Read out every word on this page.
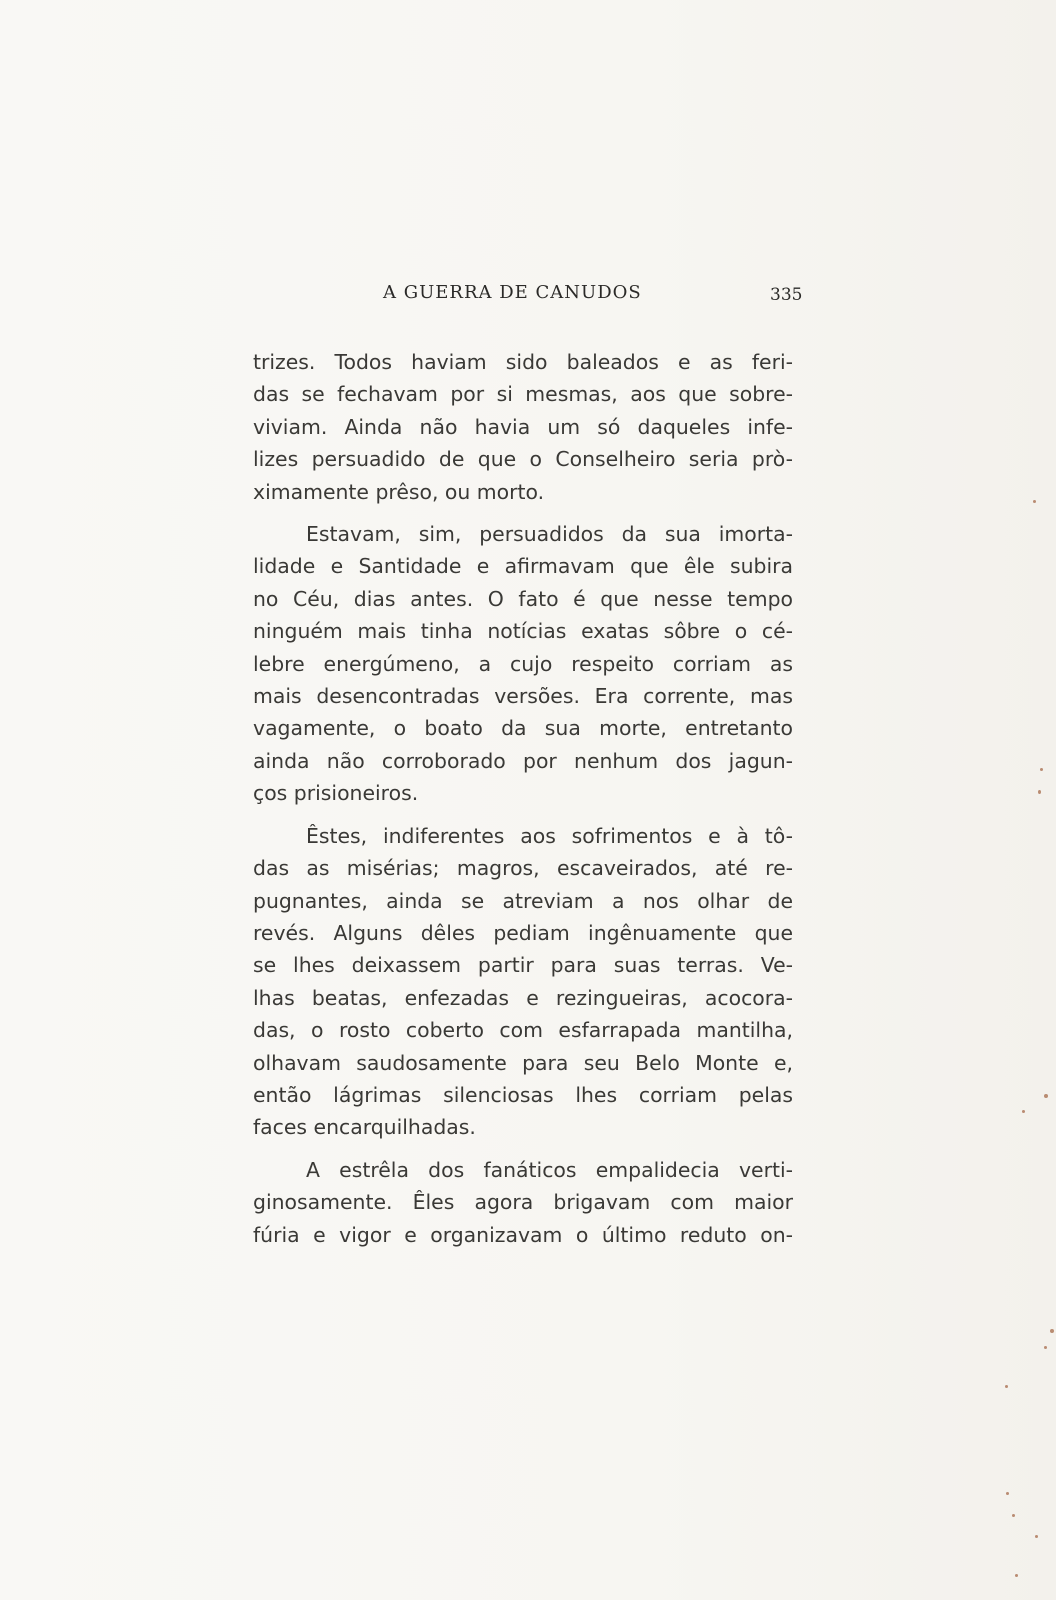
A GUERRA DE CANUDOS	335
trizes. Todos haviam sido baleados e as feri-
das se fechavam por si mesmas, aos que sobre-
viviam. Ainda não havia um só daqueles infe-
lizes persuadido de que o Conselheiro seria prò-
ximamente prêso, ou morto.
Estavam, sim, persuadidos da sua imorta-
lidade e Santidade e afirmavam que êle subira
no Céu, dias antes. O fato é que nesse tempo
ninguém mais tinha notícias exatas sôbre o cé-
lebre energúmeno, a cujo respeito corriam as
mais desencontradas versões. Era corrente, mas
vagamente, o boato da sua morte, entretanto
ainda não corroborado por nenhum dos jagun-
ços prisioneiros.
Êstes, indiferentes aos sofrimentos e à tô-
das as misérias; magros, escaveirados, até re-
pugnantes, ainda se atreviam a nos olhar de
revés. Alguns dêles pediam ingênuamente que
se lhes deixassem partir para suas terras. Ve-
lhas beatas, enfezadas e rezingueiras, acocora-
das, o rosto coberto com esfarrapada mantilha,
olhavam saudosamente para seu Belo Monte e,
então lágrimas silenciosas lhes corriam pelas
faces encarquilhadas.
A estrêla dos fanáticos empalidecia verti-
ginosamente. Êles agora brigavam com maior
fúria e vigor e organizavam o último reduto on-
